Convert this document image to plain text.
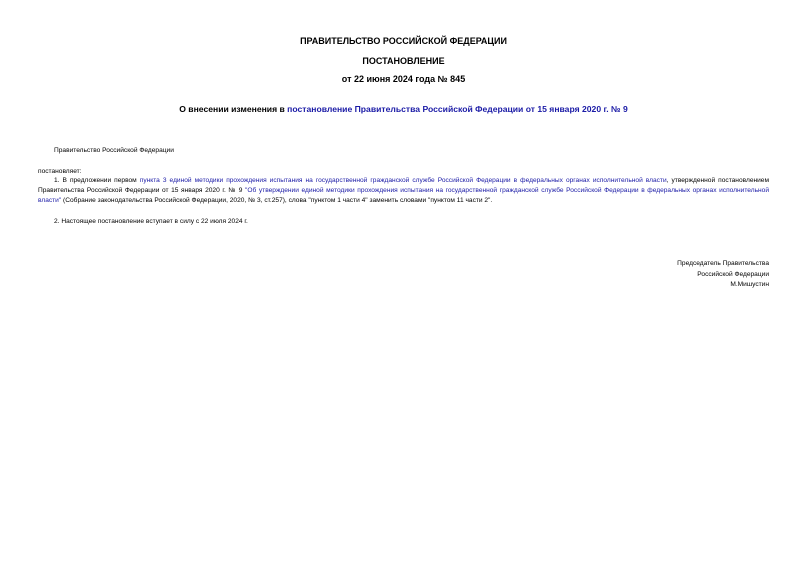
ПРАВИТЕЛЬСТВО РОССИЙСКОЙ ФЕДЕРАЦИИ
ПОСТАНОВЛЕНИЕ
от 22 июня 2024 года № 845
О внесении изменения в постановление Правительства Российской Федерации от 15 января 2020 г. № 9
Правительство Российской Федерации
постановляет:
1. В предложении первом пункта 3 единой методики прохождения испытания на государственной гражданской службе Российской Федерации в федеральных органах исполнительной власти, утвержденной постановлением Правительства Российской Федерации от 15 января 2020 г. № 9 "Об утверждении единой методики прохождения испытания на государственной гражданской службе Российской Федерации в федеральных органах исполнительной власти" (Собрание законодательства Российской Федерации, 2020, № 3, ст.257), слова "пунктом 1 части 4" заменить словами "пунктом 11 части 2".
2. Настоящее постановление вступает в силу с 22 июля 2024 г.
Председатель Правительства
Российской Федерации
М.Мишустин
